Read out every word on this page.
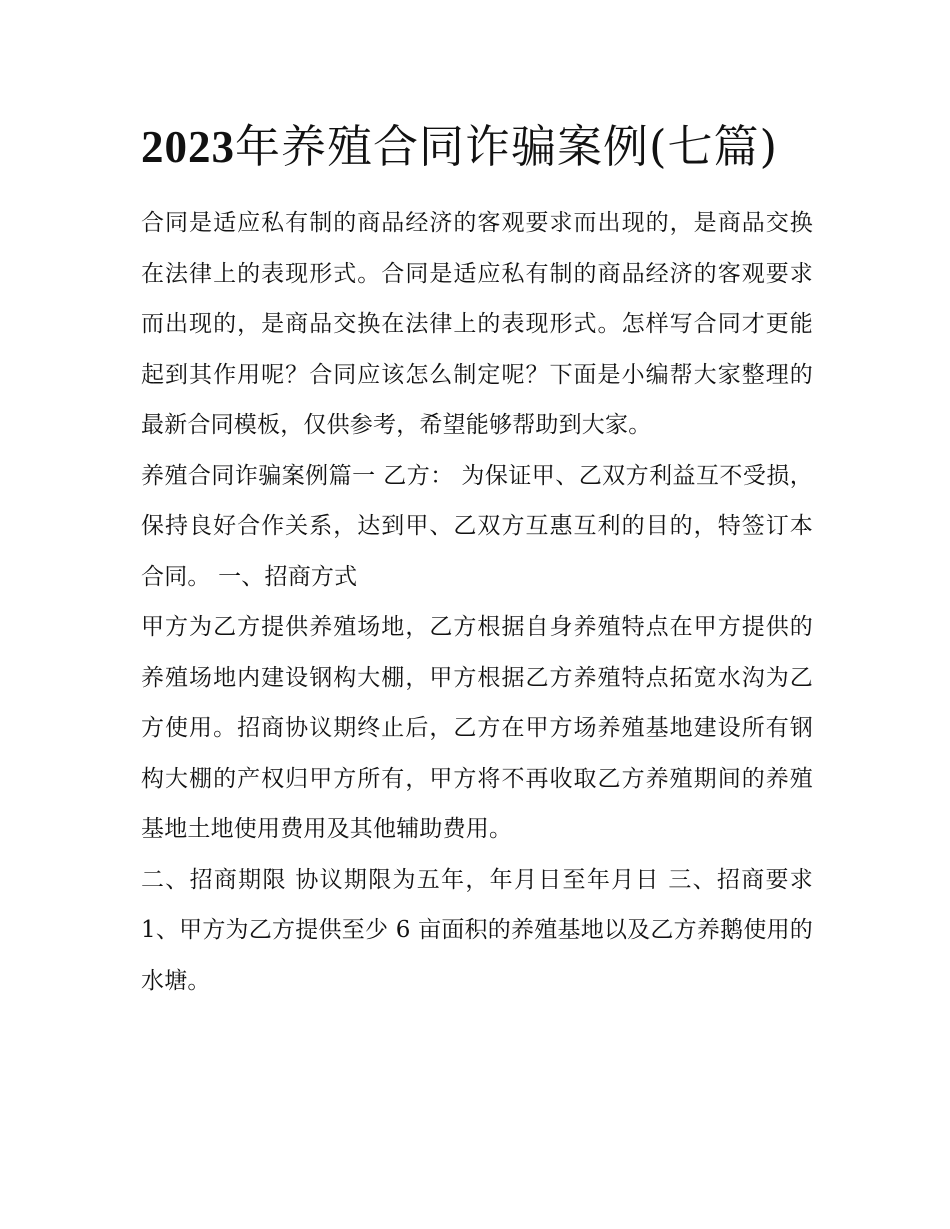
2023年养殖合同诈骗案例(七篇)

合同是适应私有制的商品经济的客观要求而出现的，是商品交换在法律上的表现形式。合同是适应私有制的商品经济的客观要求而出现的，是商品交换在法律上的表现形式。怎样写合同才更能起到其作用呢？合同应该怎么制定呢？下面是小编帮大家整理的最新合同模板，仅供参考，希望能够帮助到大家。

养殖合同诈骗案例篇一 乙方： 为保证甲、乙双方利益互不受损，保持良好合作关系，达到甲、乙双方互惠互利的目的，特签订本合同。 一、招商方式

甲方为乙方提供养殖场地，乙方根据自身养殖特点在甲方提供的养殖场地内建设钢构大棚，甲方根据乙方养殖特点拓宽水沟为乙方使用。招商协议期终止后，乙方在甲方场养殖基地建设所有钢构大棚的产权归甲方所有，甲方将不再收取乙方养殖期间的养殖基地土地使用费用及其他辅助费用。

二、招商期限 协议期限为五年，年月日至年月日 三、招商要求 1、甲方为乙方提供至少 6 亩面积的养殖基地以及乙方养鹅使用的水塘。
